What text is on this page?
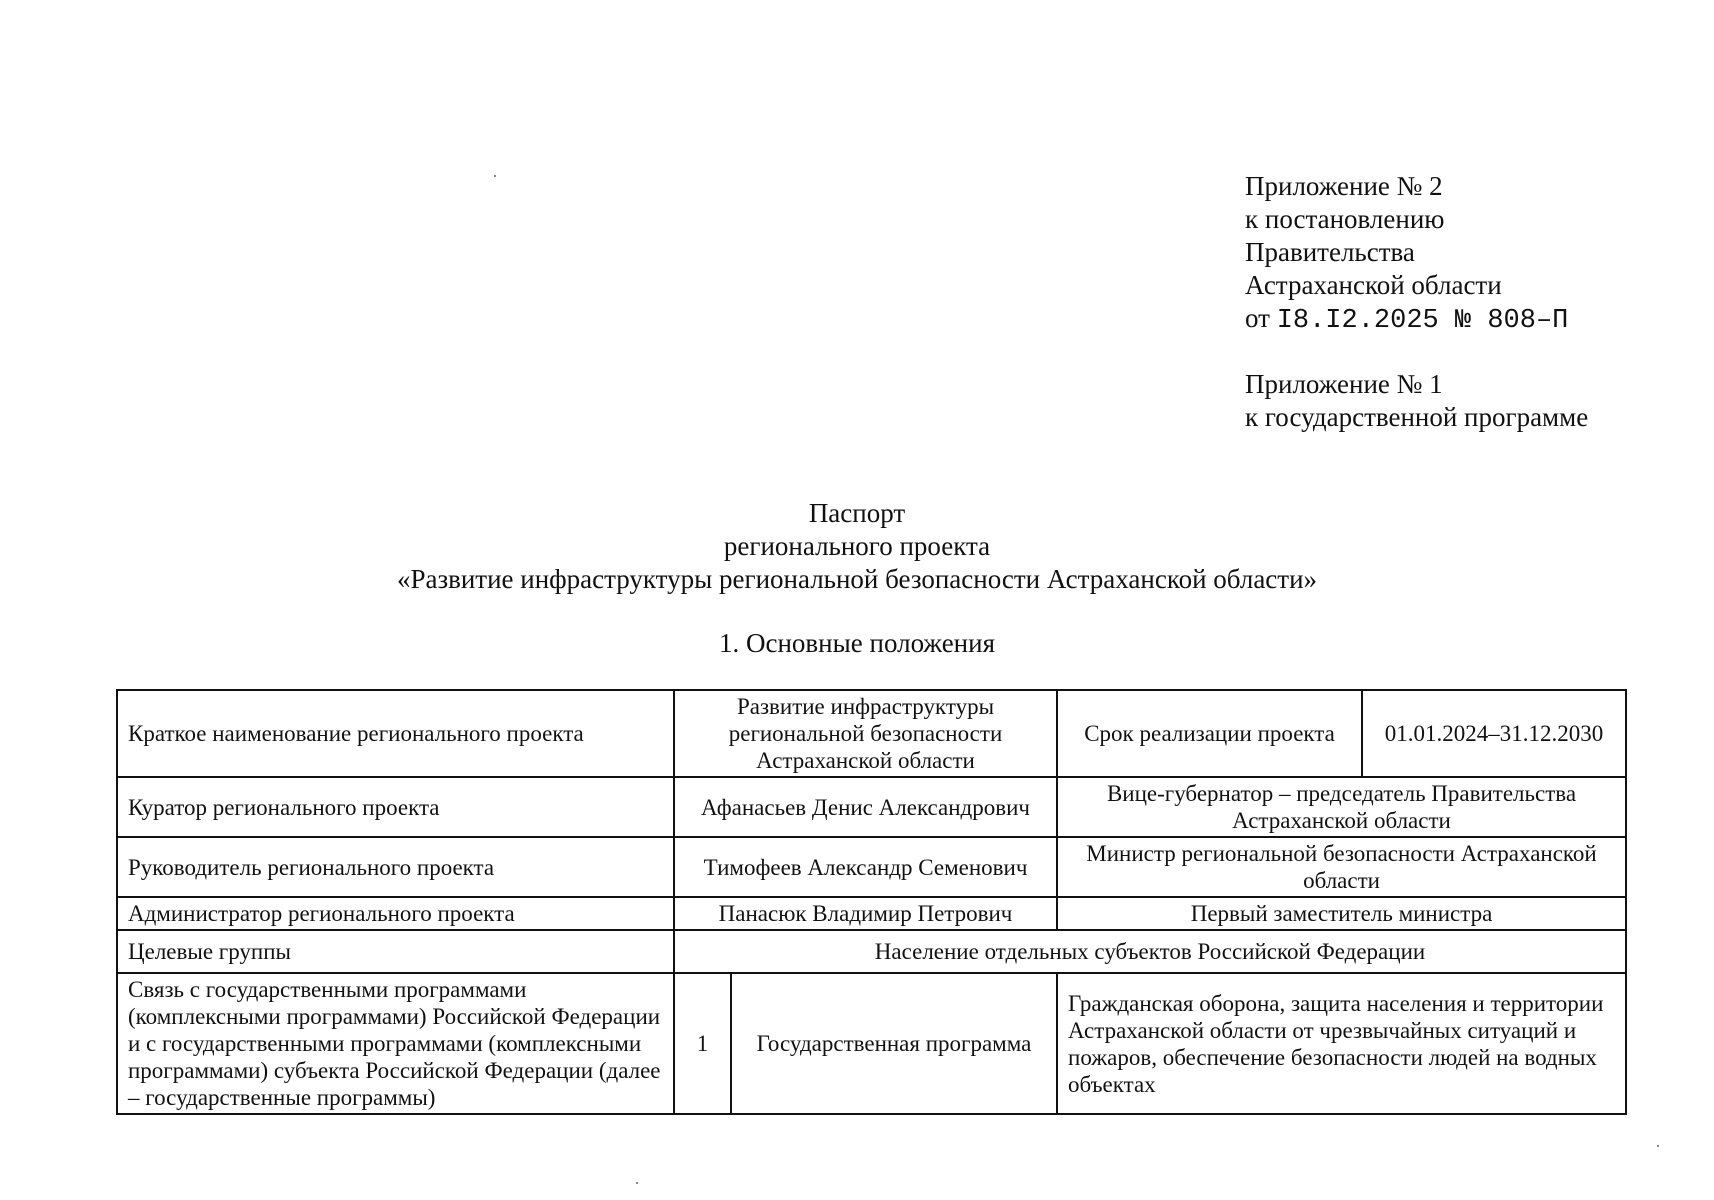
Приложение № 2
к постановлению
Правительства
Астраханской области
от I8.I2.2025 № 808–П
Приложение № 1
к государственной программе
Паспорт
регионального проекта
«Развитие инфраструктуры региональной безопасности Астраханской области»
1. Основные положения
Краткое наименование регионального проекта	Развитие инфраструктуры региональной безопасности Астраханской области		Срок реализации проекта	01.01.2024–31.12.2030
Куратор регионального проекта	Афанасьев Денис Александрович		Вице-губернатор – председатель Правительства Астраханской области	
Руководитель регионального проекта	Тимофеев Александр Семенович		Министр региональной безопасности Астраханской области	
Администратор регионального проекта	Панасюк Владимир Петрович		Первый заместитель министра	
Целевые группы	Население отдельных субъектов Российской Федерации			
Связь с государственными программами (комплексными программами) Российской Федерации и с государственными программами (комплексными программами) субъекта Российской Федерации (далее – государственные программы)	1	Государственная программа	Гражданская оборона, защита населения и территории Астраханской области от чрезвычайных ситуаций и пожаров, обеспечение безопасности людей на водных объектах	
